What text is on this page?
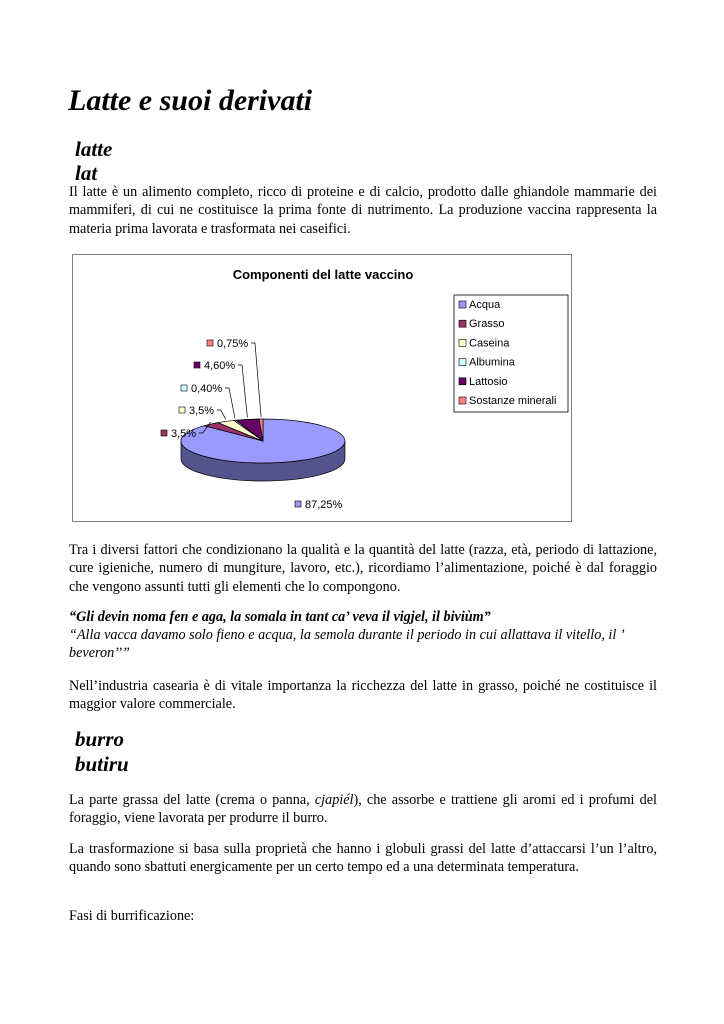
Latte e suoi derivati
latte
lat

Il latte è un alimento completo, ricco di proteine e di calcio, prodotto dalle ghiandole mammarie dei mammiferi, di cui ne costituisce la prima fonte di nutrimento. La produzione vaccina rappresenta la materia prima lavorata e trasformata nei caseifici.

Componenti del latte vaccino
87,25%
3,5%
3,5%
0,40%
4,60%
0,75%
Acqua
Grasso
Caseina
Albumina
Lattosio
Sostanze minerali

Tra i diversi fattori che condizionano la qualità e la quantità del latte (razza, età, periodo di lattazione, cure igieniche, numero di mungiture, lavoro, etc.), ricordiamo l’alimentazione, poiché è dal foraggio che vengono assunti tutti gli elementi che lo compongono.

“Gli devin noma fen e aga, la somala in tant ca’ veva il vigjel, il biviùm”

“Alla vacca davamo solo fieno e acqua, la semola durante il periodo in cui allattava il vitello, il ’ beveron’’”

Nell’industria casearia è di vitale importanza la ricchezza del latte in grasso, poiché ne costituisce il maggior valore commerciale.

burro
butiru

La parte grassa del latte (crema o panna, cjapiél), che assorbe e trattiene gli aromi ed i profumi del foraggio, viene lavorata per produrre il burro.

La trasformazione si basa sulla proprietà che hanno i globuli grassi del latte d’attaccarsi l’un l’altro, quando sono sbattuti energicamente per un certo tempo ed a una determinata temperatura.

Fasi di burrificazione:
